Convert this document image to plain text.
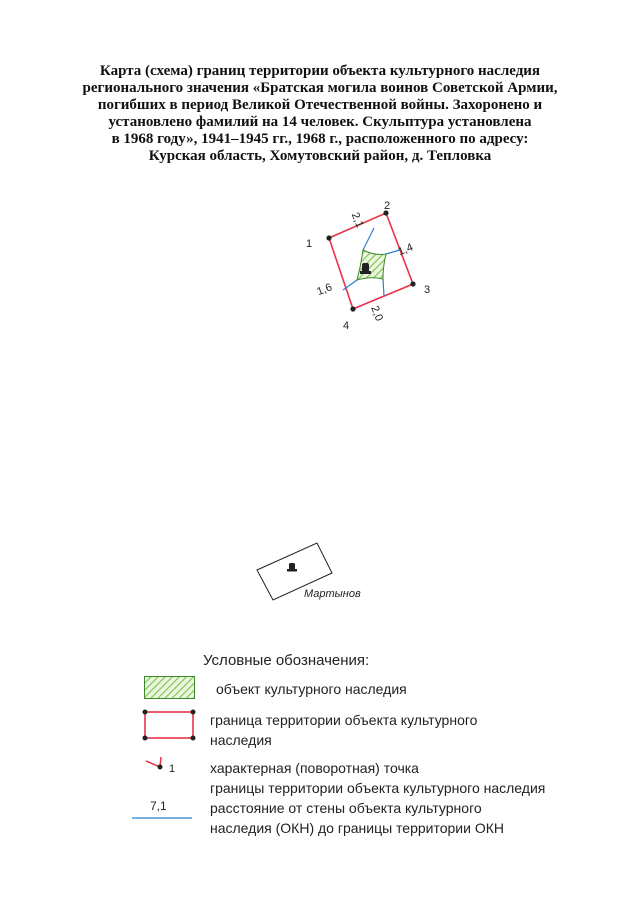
Карта (схема) границ территории объекта культурного наследия
регионального значения «Братская могила воинов Советской Армии,
погибших в период Великой Отечественной войны. Захоронено и
установлено фамилий на 14 человек. Скульптура установлена
в 1968 году», 1941–1945 гг., 1968 г., расположенного по адресу:
Курская область, Хомутовский район, д. Тепловка
1
2
3
4
2,1
1,4
2,0
1,6
Мартынов
Условные обозначения:
объект культурного наследия
граница территории объекта культурного
наследия
1 характерная (поворотная) точка
границы территории объекта культурного наследия
7,1	расстояние от стены объекта культурного
наследия (ОКН) до границы территории ОКН
